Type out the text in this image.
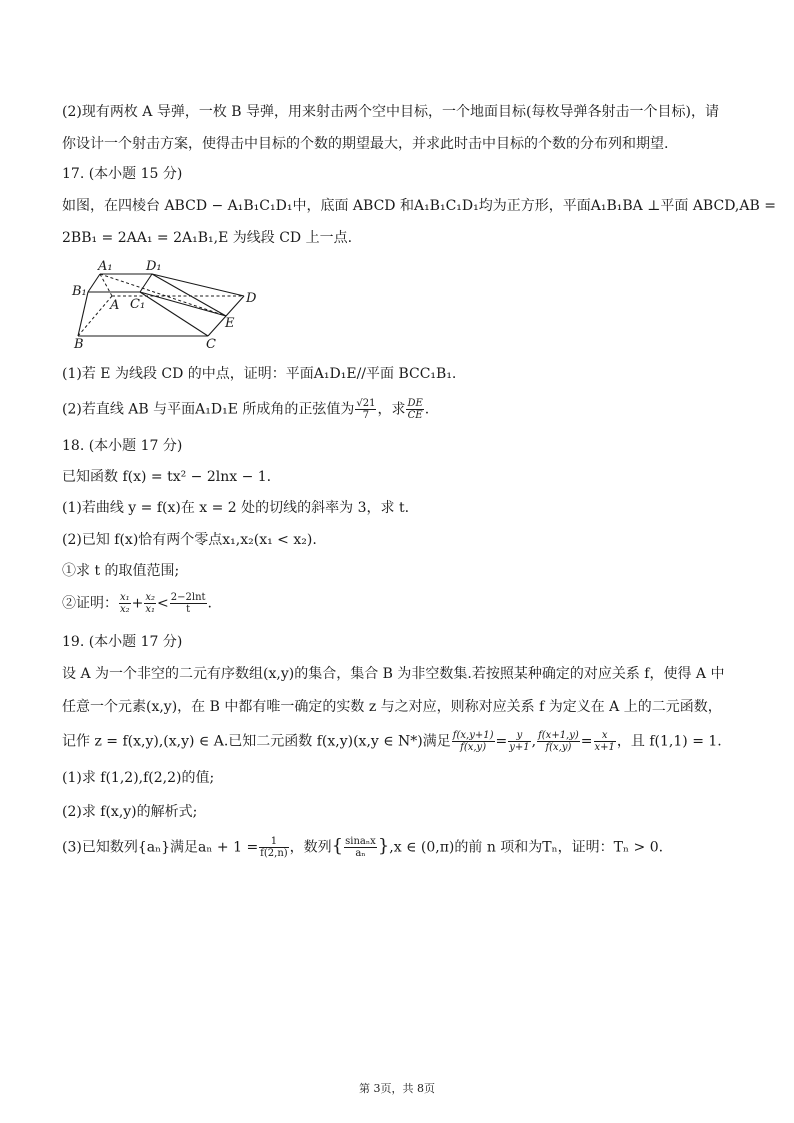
(2)现有两枚 A 导弹，一枚 B 导弹，用来射击两个空中目标，一个地面目标(每枚导弹各射击一个目标)，请
你设计一个射击方案，使得击中目标的个数的期望最大，并求此时击中目标的个数的分布列和期望.
17. (本小题 15 分)
如图，在四棱台 ABCD − A₁B₁C₁D₁中，底面 ABCD 和A₁B₁C₁D₁均为正方形，平面A₁B₁BA ⊥平面 ABCD,AB =
2BB₁ = 2AA₁ = 2A₁B₁,E 为线段 CD 上一点.
A₁	D₁
B₁
A C₁	D
E
B	C
(1)若 E 为线段 CD 的中点，证明：平面A₁D₁E//平面 BCC₁B₁.
(2)若直线 AB 与平面A₁D₁E 所成角的正弦值为 $\frac{√21}{7}$ ，求 $\frac{DE}{CE}$ .
18. (本小题 17 分)
已知函数 f(x) = tx² − 2lnx − 1.
(1)若曲线 y = f(x)在 x = 2 处的切线的斜率为 3，求 t.
(2)已知 f(x)恰有两个零点x₁,x₂(x₁ < x₂).
①求 t 的取值范围;
②证明： $\frac{\text{x₁}}{\text{x₂}} + \frac{\text{x₂}}{\text{x₁}} < \frac{2-2\ln t}{t}$ .
19. (本小题 17 分)
设 A 为一个非空的二元有序数组(x,y)的集合，集合 B 为非空数集.若按照某种确定的对应关系 f，使得 A 中
任意一个元素(x,y)，在 B 中都有唯一确定的实数 z 与之对应，则称对应关系 f 为定义在 A 上的二元函数，
记作 z = f(x,y),(x,y) ∈ A.已知二元函数 f(x,y)(x,y ∈ N*)满足 $\frac{f(x,y+1)}{f(x,y)} = \frac{y}{y+1}$ , $\frac{f(x+1,y)}{f(x,y)} = \frac{x}{x+1}$ ，且 f(1,1) = 1.
(1)求 f(1,2),f(2,2)的值;
(2)求 f(x,y)的解析式;
(3)已知数列{aₙ}满足$a_n + 1 = \frac{1}{f(2,n)}$ ，数列{ $\frac{\text{sinaₙx}}{\text{aₙ}} \},x$ ∈ (0,π)的前 n 项和为Tₙ，证明：Tₙ > 0.
第 3页，共 8页
